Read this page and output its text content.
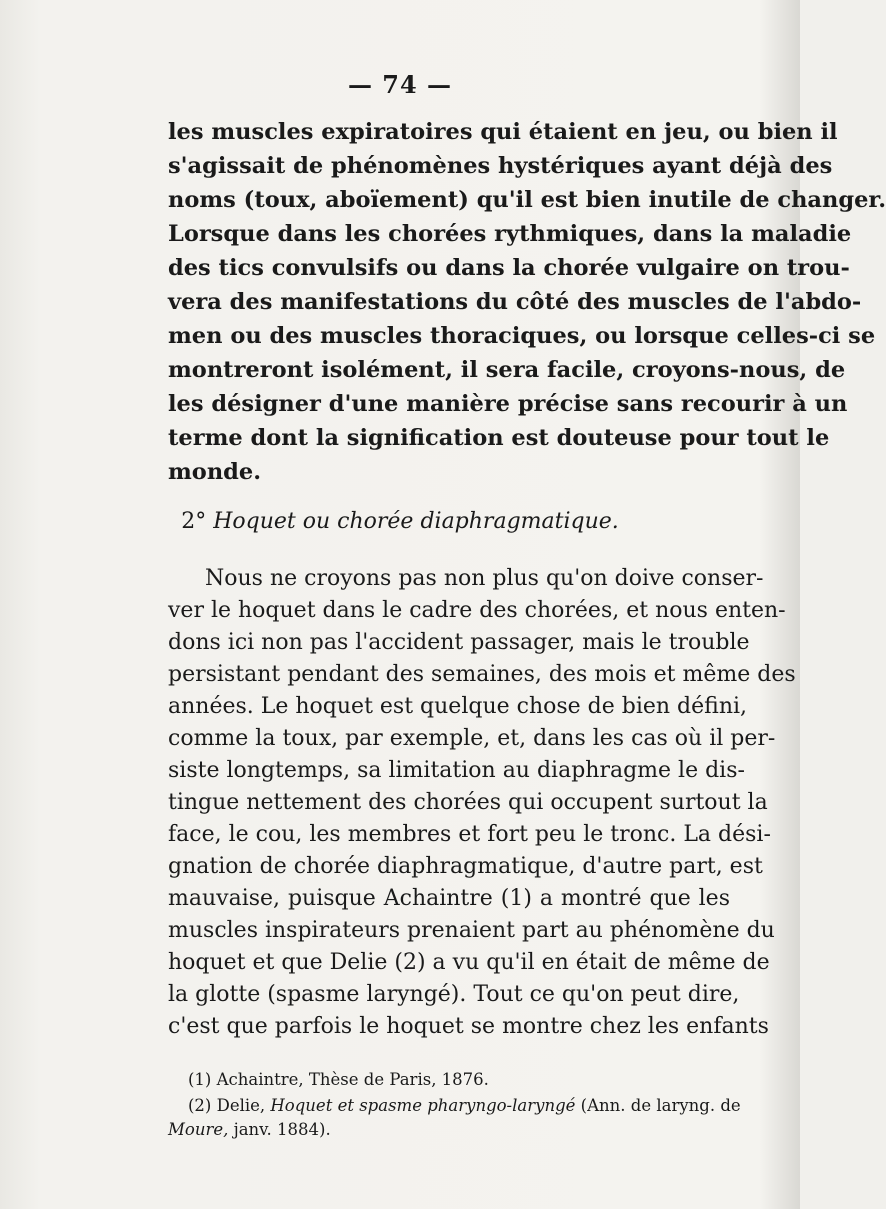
— 74 —
les muscles expiratoires qui étaient en jeu, ou bien il
s'agissait de phénomènes hystériques ayant déjà des
noms (toux, aboïement) qu'il est bien inutile de changer.
Lorsque dans les chorées rythmiques, dans la maladie
des tics convulsifs ou dans la chorée vulgaire on trou-
vera des manifestations du côté des muscles de l'abdo-
men ou des muscles thoraciques, ou lorsque celles-ci se
montreront isolément, il sera facile, croyons-nous, de
les désigner d'une manière précise sans recourir à un
terme dont la signification est douteuse pour tout le
monde.
2° Hoquet ou chorée diaphragmatique.
Nous ne croyons pas non plus qu'on doive conser-
ver le hoquet dans le cadre des chorées, et nous enten-
dons ici non pas l'accident passager, mais le trouble
persistant pendant des semaines, des mois et même des
années. Le hoquet est quelque chose de bien défini,
comme la toux, par exemple, et, dans les cas où il per-
siste longtemps, sa limitation au diaphragme le dis-
tingue nettement des chorées qui occupent surtout la
face, le cou, les membres et fort peu le tronc. La dési-
gnation de chorée diaphragmatique, d'autre part, est
mauvaise, puisque Achaintre (1) a montré que les
muscles inspirateurs prenaient part au phénomène du
hoquet et que Delie (2) a vu qu'il en était de même de
la glotte (spasme laryngé). Tout ce qu'on peut dire,
c'est que parfois le hoquet se montre chez les enfants
(1) Achaintre, Thèse de Paris, 1876.
(2) Delie, Hoquet et spasme pharyngo-laryngé (Ann. de laryng. de
Moure, janv. 1884).
